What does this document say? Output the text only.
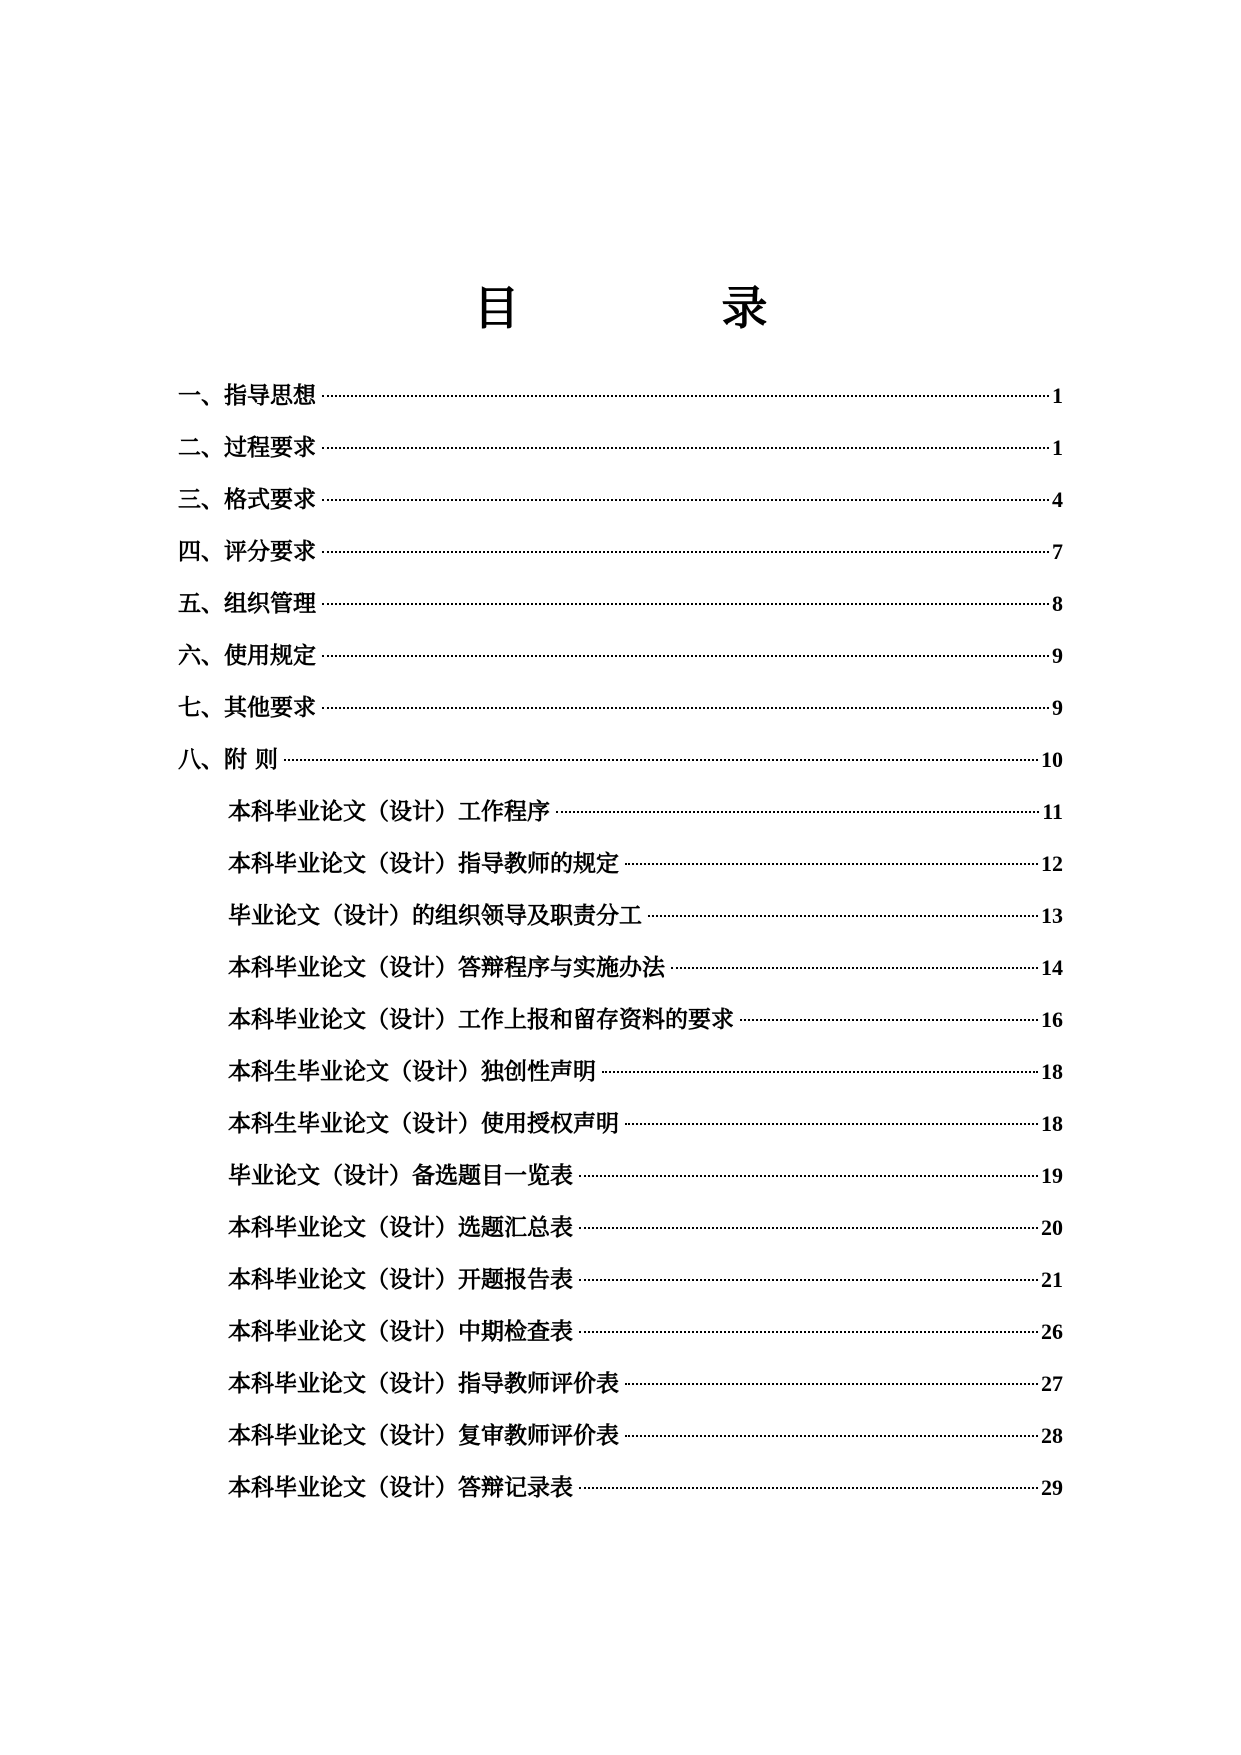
目　录
一、指导思想	1
二、过程要求	1
三、格式要求	4
四、评分要求	7
五、组织管理	8
六、使用规定	9
七、其他要求	9
八、附 则	10
本科毕业论文（设计）工作程序	11
本科毕业论文（设计）指导教师的规定	12
毕业论文（设计）的组织领导及职责分工	13
本科毕业论文（设计）答辩程序与实施办法	14
本科毕业论文（设计）工作上报和留存资料的要求	16
本科生毕业论文（设计）独创性声明	18
本科生毕业论文（设计）使用授权声明	18
毕业论文（设计）备选题目一览表	19
本科毕业论文（设计）选题汇总表	20
本科毕业论文（设计）开题报告表	21
本科毕业论文（设计）中期检查表	26
本科毕业论文（设计）指导教师评价表	27
本科毕业论文（设计）复审教师评价表	28
本科毕业论文（设计）答辩记录表	29
